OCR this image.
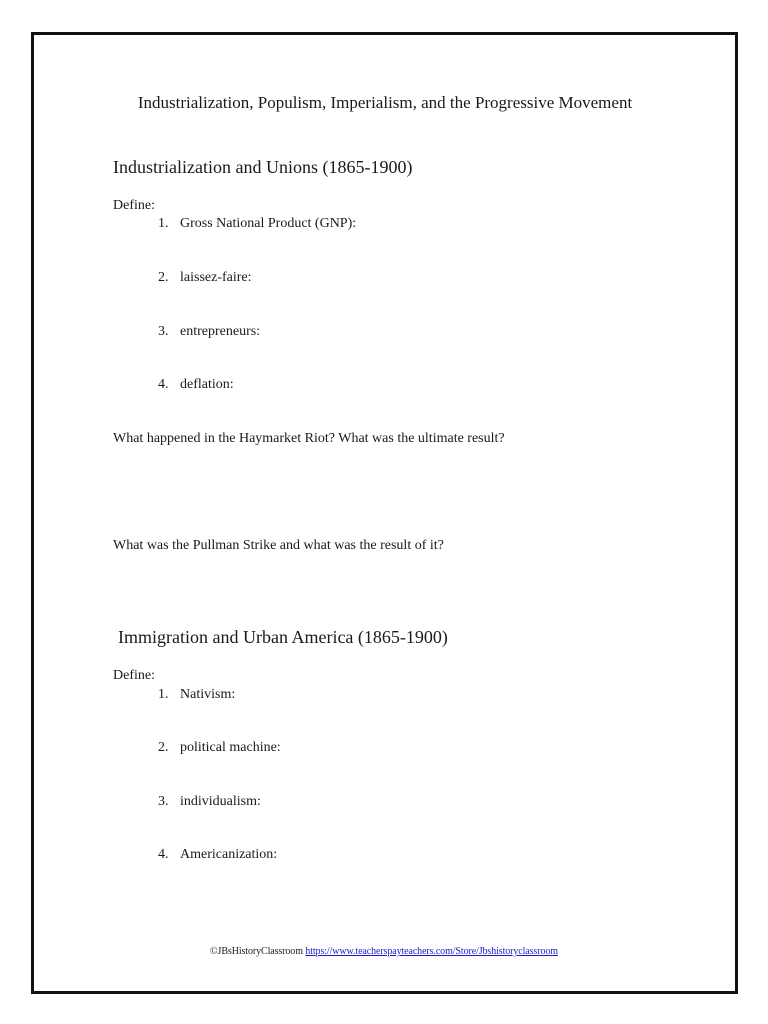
Industrialization, Populism, Imperialism, and the Progressive Movement
Industrialization and Unions (1865-1900)
Define:
1. Gross National Product (GNP):
2. laissez-faire:
3. entrepreneurs:
4. deflation:
What happened in the Haymarket Riot? What was the ultimate result?
What was the Pullman Strike and what was the result of it?
Immigration and Urban America (1865-1900)
Define:
1. Nativism:
2. political machine:
3. individualism:
4. Americanization:
©JBsHistoryClassroom https://www.teacherspayteachers.com/Store/Jbshistoryclassroom
